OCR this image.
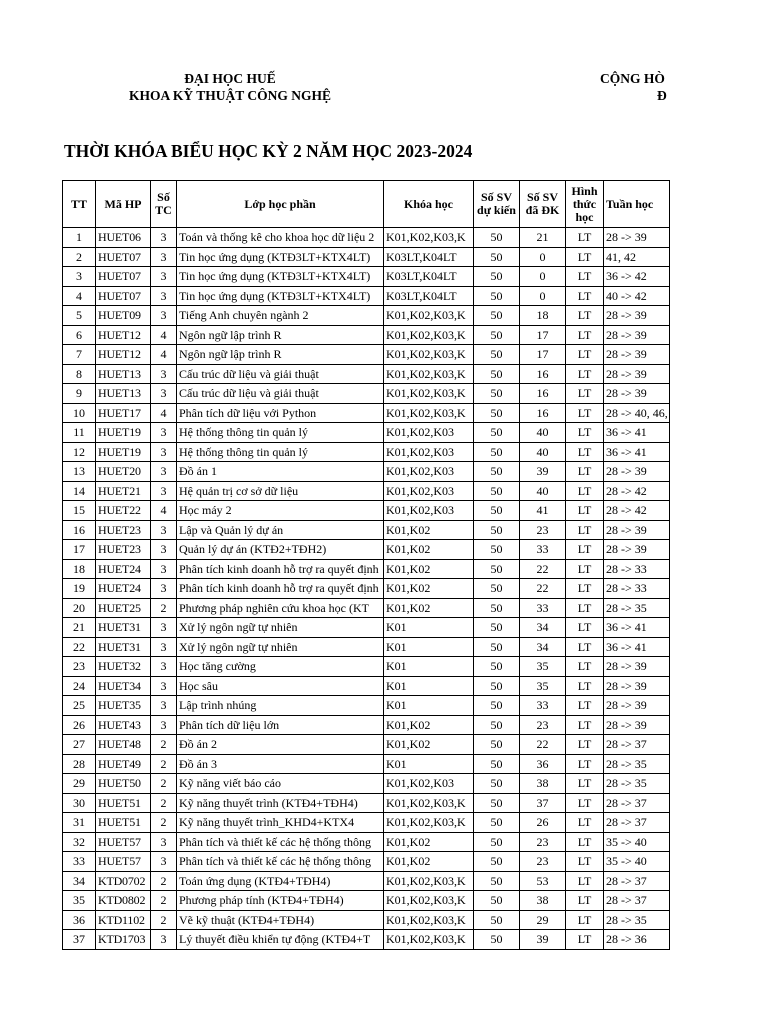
ĐẠI HỌC HUẾ
KHOA KỸ THUẬT CÔNG NGHỆ
CỘNG HÒ
Đ
THỜI KHÓA BIỂU HỌC KỲ 2 NĂM HỌC 2023-2024
TT	Mã HP	Số TC	Lớp học phần	Khóa học	Số SV dự kiến	Số SV đã ĐK	Hình thức học	Tuần học
1	HUET06	3	Toán và thống kê cho khoa học dữ liệu 2	K01,K02,K03,K	50	21	LT	28 -> 39
2	HUET07	3	Tin học ứng dụng (KTĐ3LT+KTX4LT)	K03LT,K04LT	50	0	LT	41, 42
3	HUET07	3	Tin học ứng dụng (KTĐ3LT+KTX4LT)	K03LT,K04LT	50	0	LT	36 -> 42
4	HUET07	3	Tin học ứng dụng (KTĐ3LT+KTX4LT)	K03LT,K04LT	50	0	LT	40 -> 42
5	HUET09	3	Tiếng Anh chuyên ngành 2	K01,K02,K03,K	50	18	LT	28 -> 39
6	HUET12	4	Ngôn ngữ lập trình R	K01,K02,K03,K	50	17	LT	28 -> 39
7	HUET12	4	Ngôn ngữ lập trình R	K01,K02,K03,K	50	17	LT	28 -> 39
8	HUET13	3	Cấu trúc dữ liệu và giải thuật	K01,K02,K03,K	50	16	LT	28 -> 39
9	HUET13	3	Cấu trúc dữ liệu và giải thuật	K01,K02,K03,K	50	16	LT	28 -> 39
10	HUET17	4	Phân tích dữ liệu với Python	K01,K02,K03,K	50	16	LT	28 -> 40, 46,
11	HUET19	3	Hệ thống thông tin quản lý	K01,K02,K03	50	40	LT	36 -> 41
12	HUET19	3	Hệ thống thông tin quản lý	K01,K02,K03	50	40	LT	36 -> 41
13	HUET20	3	Đồ án 1	K01,K02,K03	50	39	LT	28 -> 39
14	HUET21	3	Hệ quản trị cơ sở dữ liệu	K01,K02,K03	50	40	LT	28 -> 42
15	HUET22	4	Học máy 2	K01,K02,K03	50	41	LT	28 -> 42
16	HUET23	3	Lập và Quản lý dự án	K01,K02	50	23	LT	28 -> 39
17	HUET23	3	Quản lý dự án (KTĐ2+TĐH2)	K01,K02	50	33	LT	28 -> 39
18	HUET24	3	Phân tích kinh doanh hỗ trợ ra quyết định	K01,K02	50	22	LT	28 -> 33
19	HUET24	3	Phân tích kinh doanh hỗ trợ ra quyết định	K01,K02	50	22	LT	28 -> 33
20	HUET25	2	Phương pháp nghiên cứu khoa học (KT	K01,K02	50	33	LT	28 -> 35
21	HUET31	3	Xử lý ngôn ngữ tự nhiên	K01	50	34	LT	36 -> 41
22	HUET31	3	Xử lý ngôn ngữ tự nhiên	K01	50	34	LT	36 -> 41
23	HUET32	3	Học tăng cường	K01	50	35	LT	28 -> 39
24	HUET34	3	Học sâu	K01	50	35	LT	28 -> 39
25	HUET35	3	Lập trình nhúng	K01	50	33	LT	28 -> 39
26	HUET43	3	Phân tích dữ liệu lớn	K01,K02	50	23	LT	28 -> 39
27	HUET48	2	Đồ án 2	K01,K02	50	22	LT	28 -> 37
28	HUET49	2	Đồ án 3	K01	50	36	LT	28 -> 35
29	HUET50	2	Kỹ năng viết báo cáo	K01,K02,K03	50	38	LT	28 -> 35
30	HUET51	2	Kỹ năng thuyết trình (KTĐ4+TĐH4)	K01,K02,K03,K	50	37	LT	28 -> 37
31	HUET51	2	Kỹ năng thuyết trình_KHD4+KTX4	K01,K02,K03,K	50	26	LT	28 -> 37
32	HUET57	3	Phân tích và thiết kế các hệ thống thông	K01,K02	50	23	LT	35 -> 40
33	HUET57	3	Phân tích và thiết kế các hệ thống thông	K01,K02	50	23	LT	35 -> 40
34	KTD0702	2	Toán ứng dụng (KTĐ4+TĐH4)	K01,K02,K03,K	50	53	LT	28 -> 37
35	KTD0802	2	Phương pháp tính (KTĐ4+TĐH4)	K01,K02,K03,K	50	38	LT	28 -> 37
36	KTD1102	2	Vẽ kỹ thuật (KTĐ4+TĐH4)	K01,K02,K03,K	50	29	LT	28 -> 35
37	KTD1703	3	Lý thuyết điều khiển tự động (KTĐ4+T	K01,K02,K03,K	50	39	LT	28 -> 36
